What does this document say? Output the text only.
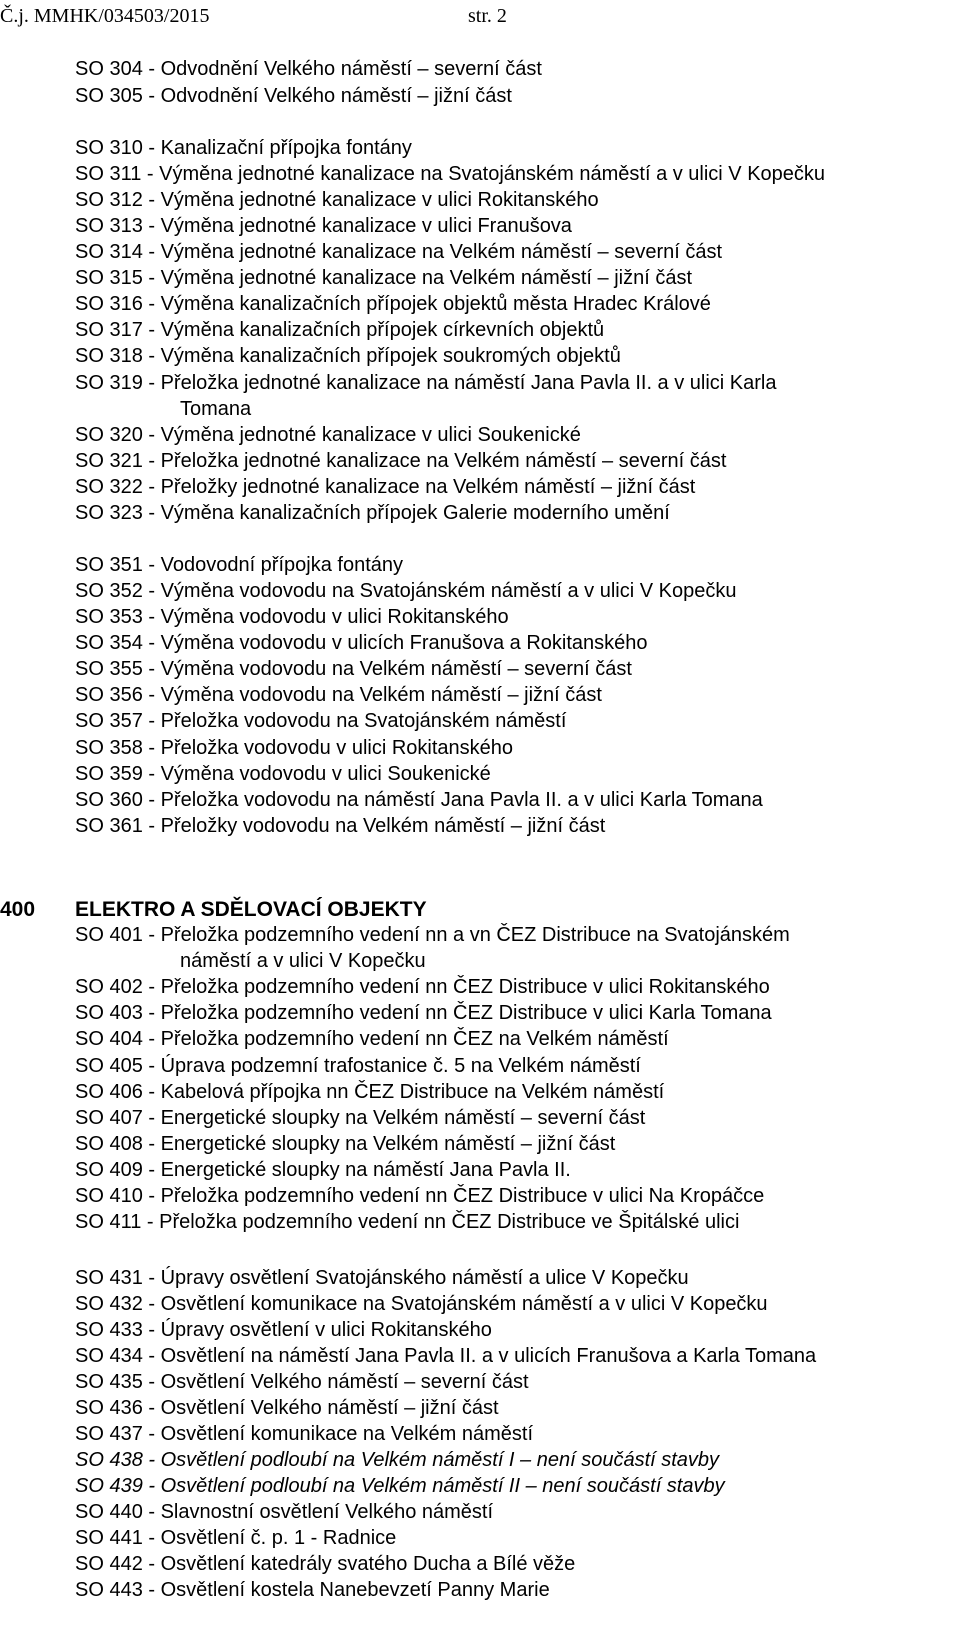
Č.j. MMHK/034503/2015	str. 2
SO 304 - Odvodnění Velkého náměstí – severní část
SO 305 - Odvodnění Velkého náměstí – jižní část
SO 310 - Kanalizační přípojka fontány
SO 311 - Výměna jednotné kanalizace na Svatojánském náměstí a v ulici V Kopečku
SO 312 - Výměna jednotné kanalizace v ulici Rokitanského
SO 313 - Výměna jednotné kanalizace v ulici Franušova
SO 314 - Výměna jednotné kanalizace na Velkém náměstí – severní část
SO 315 - Výměna jednotné kanalizace na Velkém náměstí – jižní část
SO 316 - Výměna kanalizačních přípojek objektů města Hradec Králové
SO 317 - Výměna kanalizačních přípojek církevních objektů
SO 318 - Výměna kanalizačních přípojek soukromých objektů
SO 319 - Přeložka jednotné kanalizace na náměstí Jana Pavla II. a v ulici Karla
Tomana
SO 320 - Výměna jednotné kanalizace v ulici Soukenické
SO 321 - Přeložka jednotné kanalizace na Velkém náměstí – severní část
SO 322 - Přeložky jednotné kanalizace na Velkém náměstí – jižní část
SO 323 - Výměna kanalizačních přípojek Galerie moderního umění
SO 351 - Vodovodní přípojka fontány
SO 352 - Výměna vodovodu na Svatojánském náměstí a v ulici V Kopečku
SO 353 - Výměna vodovodu v ulici Rokitanského
SO 354 - Výměna vodovodu v ulicích Franušova a Rokitanského
SO 355 - Výměna vodovodu na Velkém náměstí – severní část
SO 356 - Výměna vodovodu na Velkém náměstí – jižní část
SO 357 - Přeložka vodovodu na Svatojánském náměstí
SO 358 - Přeložka vodovodu v ulici Rokitanského
SO 359 - Výměna vodovodu v ulici Soukenické
SO 360 - Přeložka vodovodu na náměstí Jana Pavla II. a v ulici Karla Tomana
SO 361 - Přeložky vodovodu na Velkém náměstí – jižní část
400 ELEKTRO A SDĚLOVACÍ OBJEKTY
SO 401 - Přeložka podzemního vedení nn a vn ČEZ Distribuce na Svatojánském
náměstí a v ulici V Kopečku
SO 402 - Přeložka podzemního vedení nn ČEZ Distribuce v ulici Rokitanského
SO 403 - Přeložka podzemního vedení nn ČEZ Distribuce v ulici Karla Tomana
SO 404 - Přeložka podzemního vedení nn ČEZ na Velkém náměstí
SO 405 - Úprava podzemní trafostanice č. 5 na Velkém náměstí
SO 406 - Kabelová přípojka nn ČEZ Distribuce na Velkém náměstí
SO 407 - Energetické sloupky na Velkém náměstí – severní část
SO 408 - Energetické sloupky na Velkém náměstí – jižní část
SO 409 - Energetické sloupky na náměstí Jana Pavla II.
SO 410 - Přeložka podzemního vedení nn ČEZ Distribuce v ulici Na Kropáčce
SO 411 - Přeložka podzemního vedení nn ČEZ Distribuce ve Špitálské ulici
SO 431 - Úpravy osvětlení Svatojánského náměstí a ulice V Kopečku
SO 432 - Osvětlení komunikace na Svatojánském náměstí a v ulici V Kopečku
SO 433 - Úpravy osvětlení v ulici Rokitanského
SO 434 - Osvětlení na náměstí Jana Pavla II. a v ulicích Franušova a Karla Tomana
SO 435 - Osvětlení Velkého náměstí – severní část
SO 436 - Osvětlení Velkého náměstí – jižní část
SO 437 - Osvětlení komunikace na Velkém náměstí
SO 438 - Osvětlení podloubí na Velkém náměstí I – není součástí stavby
SO 439 - Osvětlení podloubí na Velkém náměstí II – není součástí stavby
SO 440 - Slavnostní osvětlení Velkého náměstí
SO 441 - Osvětlení č. p. 1 - Radnice
SO 442 - Osvětlení katedrály svatého Ducha a Bílé věže
SO 443 - Osvětlení kostela Nanebevzetí Panny Marie
